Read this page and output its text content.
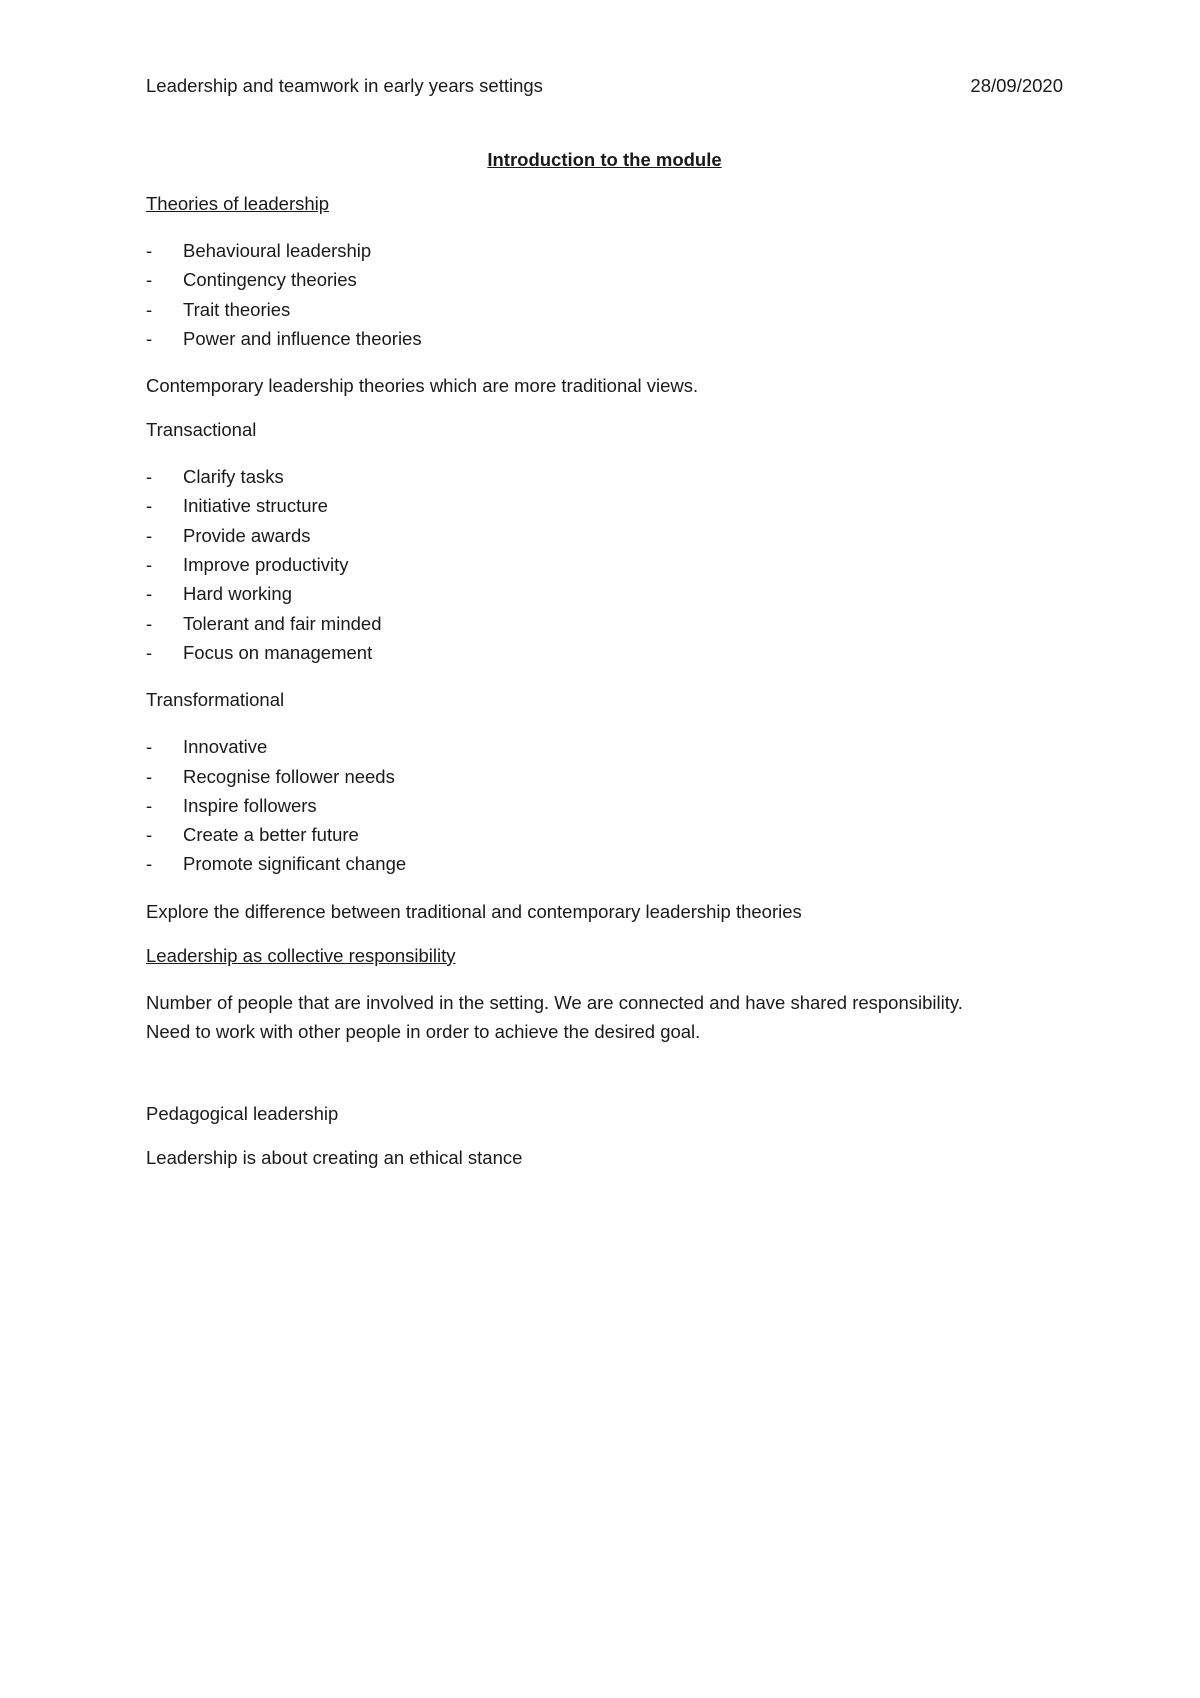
Leadership and teamwork in early years settings	28/09/2020

Introduction to the module

Theories of leadership

- Behavioural leadership
- Contingency theories
- Trait theories
- Power and influence theories

Contemporary leadership theories which are more traditional views.

Transactional

- Clarify tasks
- Initiative structure
- Provide awards
- Improve productivity
- Hard working
- Tolerant and fair minded
- Focus on management

Transformational

- Innovative
- Recognise follower needs
- Inspire followers
- Create a better future
- Promote significant change

Explore the difference between traditional and contemporary leadership theories

Leadership as collective responsibility

Number of people that are involved in the setting. We are connected and have shared responsibility.
Need to work with other people in order to achieve the desired goal.

Pedagogical leadership

Leadership is about creating an ethical stance
